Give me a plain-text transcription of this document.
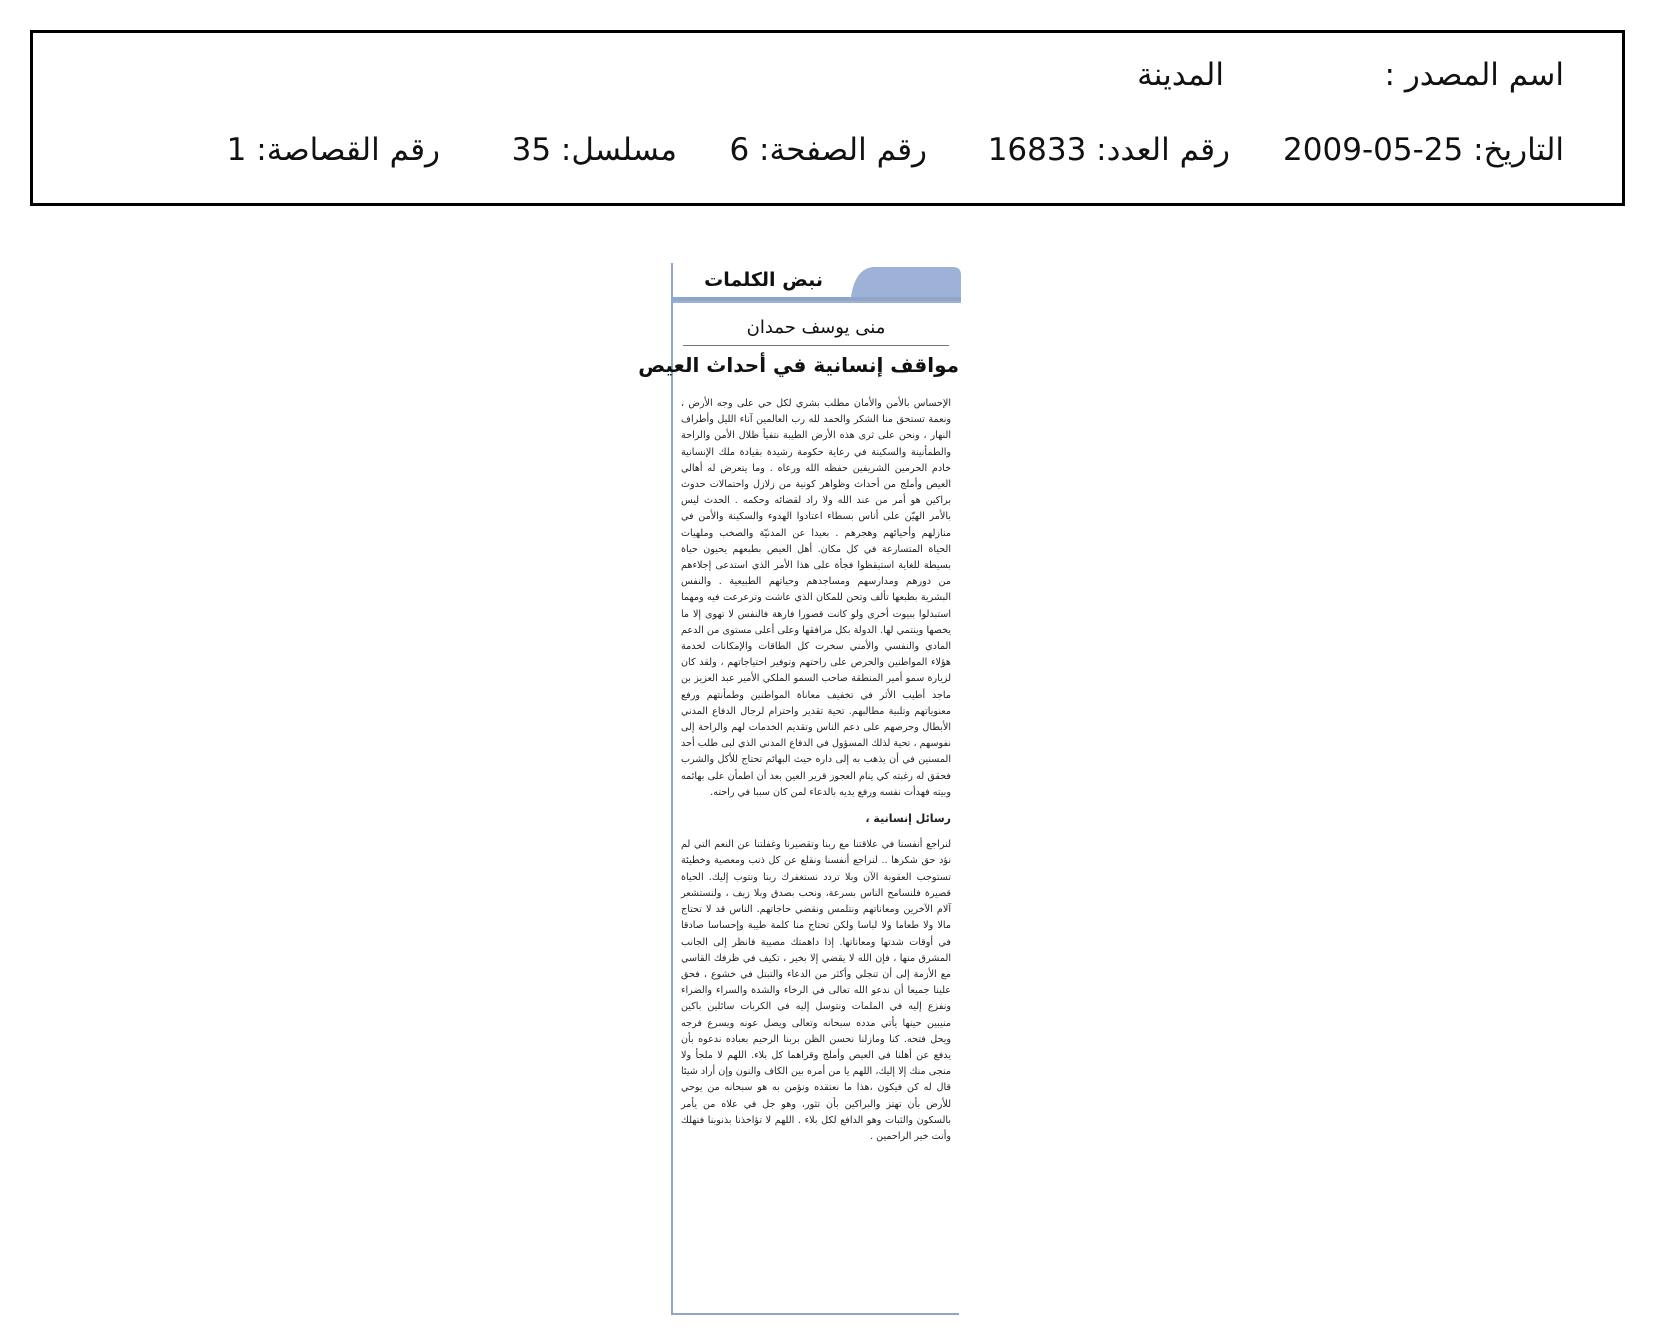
اسم المصدر :
المدينة
التاريخ: 25-05-2009
رقم العدد: 16833
رقم الصفحة: 6
مسلسل: 35
رقم القصاصة: 1
نبض الكلمات
منى يوسف حمدان
مواقف إنسانية في أحداث العيص

الإحساس بالأمن والأمان مطلب بشري لكل حي على وجه الأرض ، ونعمة تستحق منا الشكر والحمد لله رب العالمين آناء الليل وأطراف النهار ، ونحن على ثرى هذه الأرض الطيبة نتفيأ ظلال الأمن والراحة والطمأنينة والسكينة في رعاية حكومة رشيدة بقيادة ملك الإنسانية خادم الحرمين الشريفين حفظه الله ورعاه . وما يتعرض له أهالي العيص وأملج من أحداث وظواهر كونية من زلازل واحتمالات حدوث براكين هو أمر من عند الله ولا راد لقضائه وحكمه . الحدث ليس بالأمر الهيّن على أناس بسطاء اعتادوا الهدوء والسكينة والأمن في منازلهم وأحيائهم وهجرهم . بعيدا عن المدنيّة والصخب وملهيات الحياة المتسارعة في كل مكان. أهل العيص بطبعهم يحيون حياة بسيطة للغاية استيقظوا فجأة على هذا الأمر الذي استدعى إجلاءهم من دورهم ومدارسهم ومساجدهم وحياتهم الطبيعية . والنفس البشرية بطبعها تألف وتحن للمكان الذي عاشت وترعرعت فيه ومهما استبدلوا ببيوت أخرى ولو كانت قصورا فارهة فالنفس لا تهوى إلا ما يخصها وينتمي لها. الدولة بكل مرافقها وعلى أعلى مستوى من الدعم المادي والنفسي والأمني سخرت كل الطاقات والإمكانات لخدمة هؤلاء المواطنين والحرص على راحتهم وتوفير احتياجاتهم ، ولقد كان لزيارة سمو أمير المنطقة صاحب السمو الملكي الأمير عبد العزيز بن ماجد أطيب الأثر في تخفيف معاناة المواطنين وطمأنتهم ورفع معنوياتهم وتلبية مطالبهم. تحية تقدير واحترام لرجال الدفاع المدني الأبطال وحرصهم على دعم الناس وتقديم الخدمات لهم والراحة إلى نفوسهم ، تحية لذلك المسؤول في الدفاع المدني الذي لبى طلب أحد المسنين في أن يذهب به إلى داره حيث البهائم تحتاج للأكل والشرب فحقق له رغبته كي ينام العجوز قرير العين بعد أن اطمأن على بهائمه وبيته فهدأت نفسه ورفع يديه بالدعاء لمن كان سببا في راحته.

رسائل إنسانية ،

لنراجع أنفسنا في علاقتنا مع ربنا وتقصيرنا وغفلتنا عن النعم التي لم نؤد حق شكرها .. لنراجع أنفسنا ونقلع عن كل ذنب ومعصية وخطيئة تستوجب العقوبة الآن وبلا تردد نستغفرك ربنا ونتوب إليك. الحياة قصيرة فلنسامح الناس بسرعة، ونحب بصدق وبلا زيف ، ولنستشعر آلام الآخرين ومعاناتهم ونتلمس ونقضي حاجاتهم. الناس قد لا تحتاج مالا ولا طعاما ولا لباسا ولكن تحتاج منا كلمة طيبة وإحساسا صادقا في أوقات شدتها ومعاناتها. إذا داهمتك مصيبة فانظر إلى الجانب المشرق منها ، فإن الله لا يقضي إلا بخير ، تكيف في ظرفك القاسي مع الأزمة إلى أن تنجلي وأكثر من الدعاء والتبتل في خشوع ، فحق علينا جميعا أن ندعو الله تعالى في الرخاء والشدة والسراء والضراء ونفزع إليه في الملمات ونتوسل إليه في الكربات سائلين باكين منيبين حينها يأتي مدده سبحانه وتعالى ويصل عونه ويسرع فرجه ويحل فتحه. كنا ومازلنا نحسن الظن بربنا الرحيم بعباده ندعوه بأن يدفع عن أهلنا في العيص وأملج وقراهما كل بلاء. اللهم لا ملجأ ولا منجى منك إلا إليك، اللهم يا من أمره بين الكاف والنون وإن أراد شيئا قال له كن فيكون ،هذا ما نعتقده ونؤمن به هو سبحانه من يوحي للأرض بأن تهتز والبراكين بأن تثور، وهو جل في علاه من يأمر بالسكون والثبات وهو الدافع لكل بلاء . اللهم لا تؤاخذنا بذنوبنا فنهلك وأنت خير الراحمين .
